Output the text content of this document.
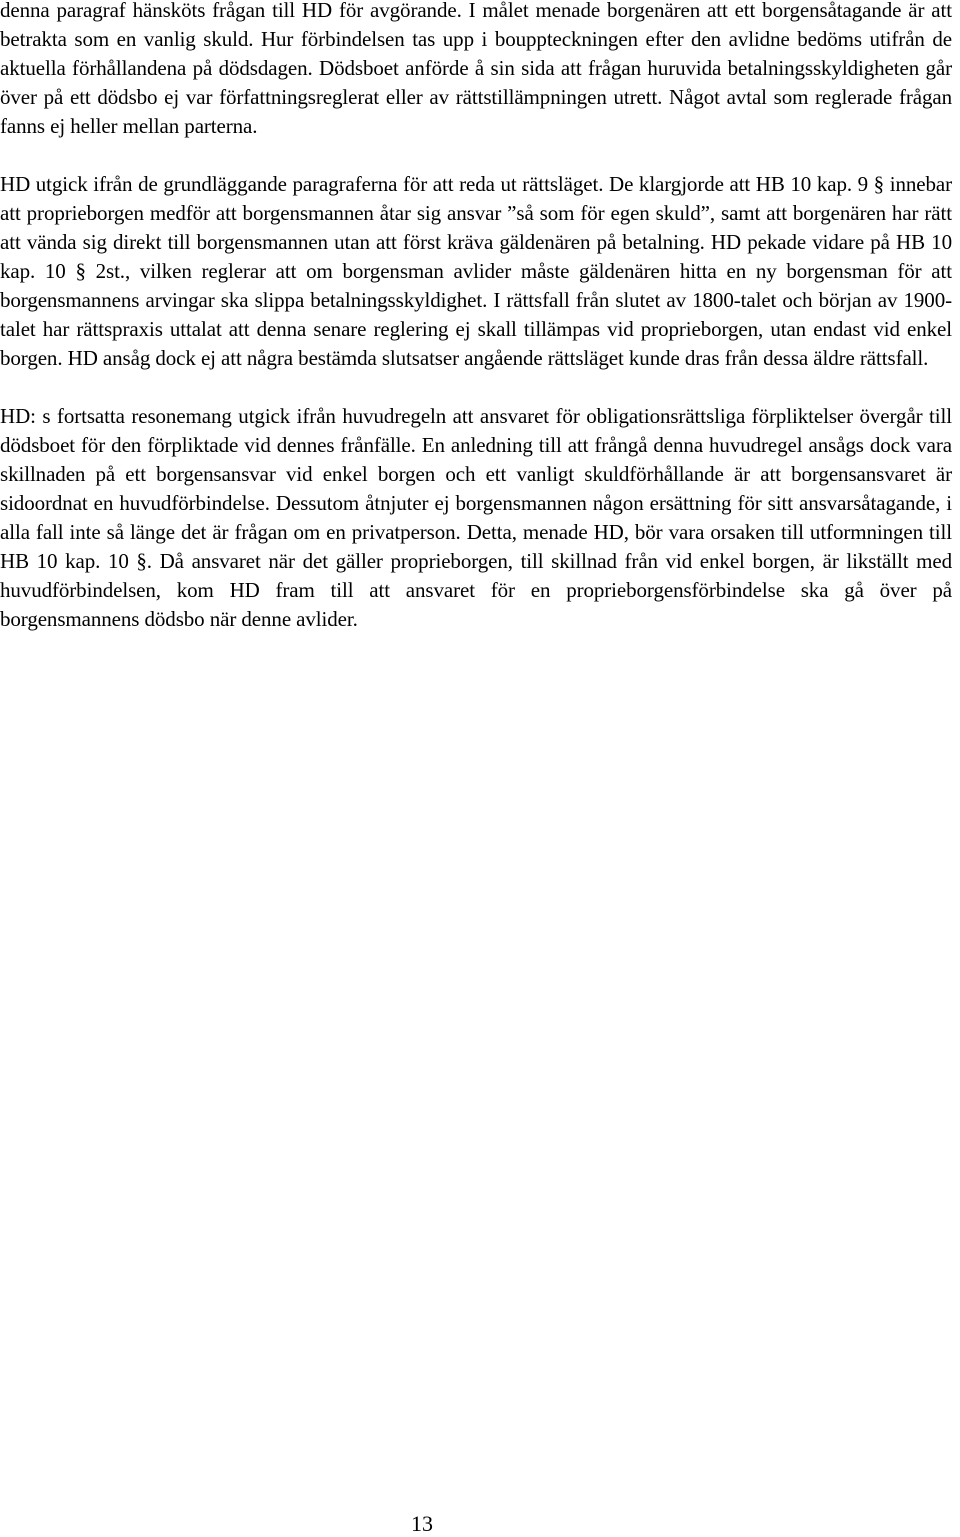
denna paragraf hänsköts frågan till HD för avgörande. I målet menade borgenären att ett borgensåtagande är att betrakta som en vanlig skuld. Hur förbindelsen tas upp i bouppteckningen efter den avlidne bedöms utifrån de aktuella förhållandena på dödsdagen. Dödsboet anförde å sin sida att frågan huruvida betalningsskyldigheten går över på ett dödsbo ej var författningsreglerat eller av rättstillämpningen utrett. Något avtal som reglerade frågan fanns ej heller mellan parterna.

HD utgick ifrån de grundläggande paragraferna för att reda ut rättsläget. De klargjorde att HB 10 kap. 9 § innebar att proprieborgen medför att borgensmannen åtar sig ansvar ”så som för egen skuld”, samt att borgenären har rätt att vända sig direkt till borgensmannen utan att först kräva gäldenären på betalning. HD pekade vidare på HB 10 kap. 10 § 2st., vilken reglerar att om borgensman avlider måste gäldenären hitta en ny borgensman för att borgensmannens arvingar ska slippa betalningsskyldighet. I rättsfall från slutet av 1800-talet och början av 1900-talet har rättspraxis uttalat att denna senare reglering ej skall tillämpas vid proprieborgen, utan endast vid enkel borgen. HD ansåg dock ej att några bestämda slutsatser angående rättsläget kunde dras från dessa äldre rättsfall.

HD: s fortsatta resonemang utgick ifrån huvudregeln att ansvaret för obligationsrättsliga förpliktelser övergår till dödsboet för den förpliktade vid dennes frånfälle. En anledning till att frångå denna huvudregel ansågs dock vara skillnaden på ett borgensansvar vid enkel borgen och ett vanligt skuldförhållande är att borgensansvaret är sidoordnat en huvudförbindelse. Dessutom åtnjuter ej borgensmannen någon ersättning för sitt ansvarsåtagande, i alla fall inte så länge det är frågan om en privatperson. Detta, menade HD, bör vara orsaken till utformningen till HB 10 kap. 10 §. Då ansvaret när det gäller proprieborgen, till skillnad från vid enkel borgen, är likställt med huvudförbindelsen, kom HD fram till att ansvaret för en proprieborgensförbindelse ska gå över på borgensmannens dödsbo när denne avlider.

13
